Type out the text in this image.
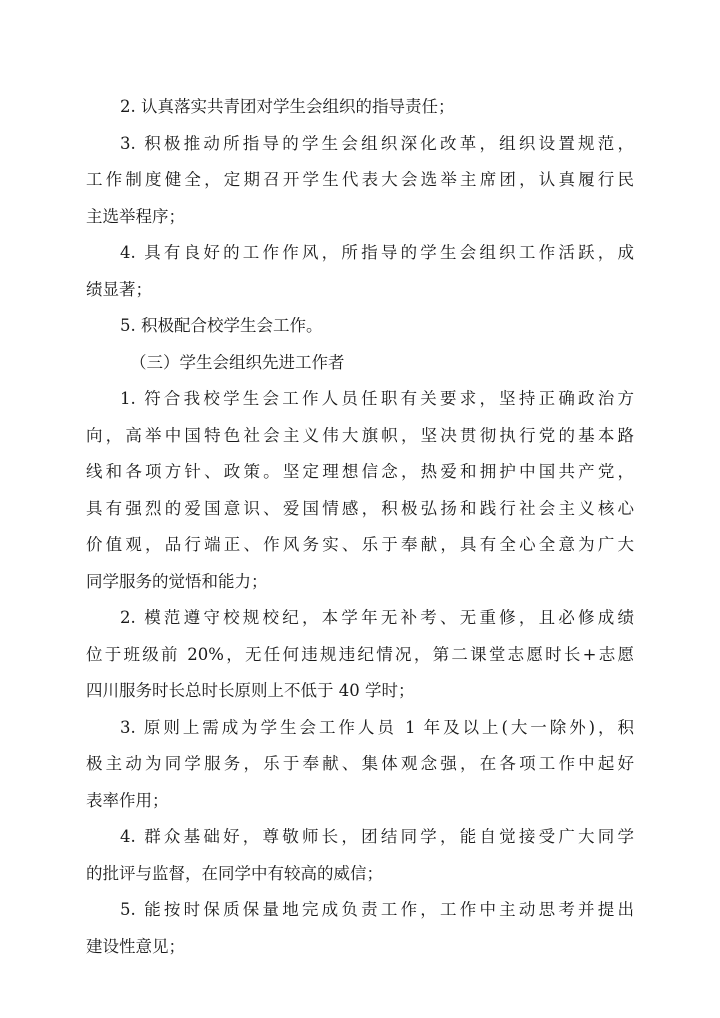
2. 认真落实共青团对学生会组织的指导责任；
3. 积极推动所指导的学生会组织深化改革，组织设置规范，
工作制度健全，定期召开学生代表大会选举主席团，认真履行民
主选举程序；
4. 具有良好的工作作风，所指导的学生会组织工作活跃，成
绩显著；
5. 积极配合校学生会工作。
（三）学生会组织先进工作者
1. 符合我校学生会工作人员任职有关要求，坚持正确政治方
向，高举中国特色社会主义伟大旗帜，坚决贯彻执行党的基本路
线和各项方针、政策。坚定理想信念，热爱和拥护中国共产党，
具有强烈的爱国意识、爱国情感，积极弘扬和践行社会主义核心
价值观，品行端正、作风务实、乐于奉献，具有全心全意为广大
同学服务的觉悟和能力；
2. 模范遵守校规校纪，本学年无补考、无重修，且必修成绩
位于班级前 20%，无任何违规违纪情况，第二课堂志愿时长+志愿
四川服务时长总时长原则上不低于 40 学时；
3. 原则上需成为学生会工作人员 1 年及以上(大一除外)，积
极主动为同学服务，乐于奉献、集体观念强，在各项工作中起好
表率作用；
4. 群众基础好，尊敬师长，团结同学，能自觉接受广大同学
的批评与监督，在同学中有较高的威信；
5. 能按时保质保量地完成负责工作，工作中主动思考并提出
建设性意见；
